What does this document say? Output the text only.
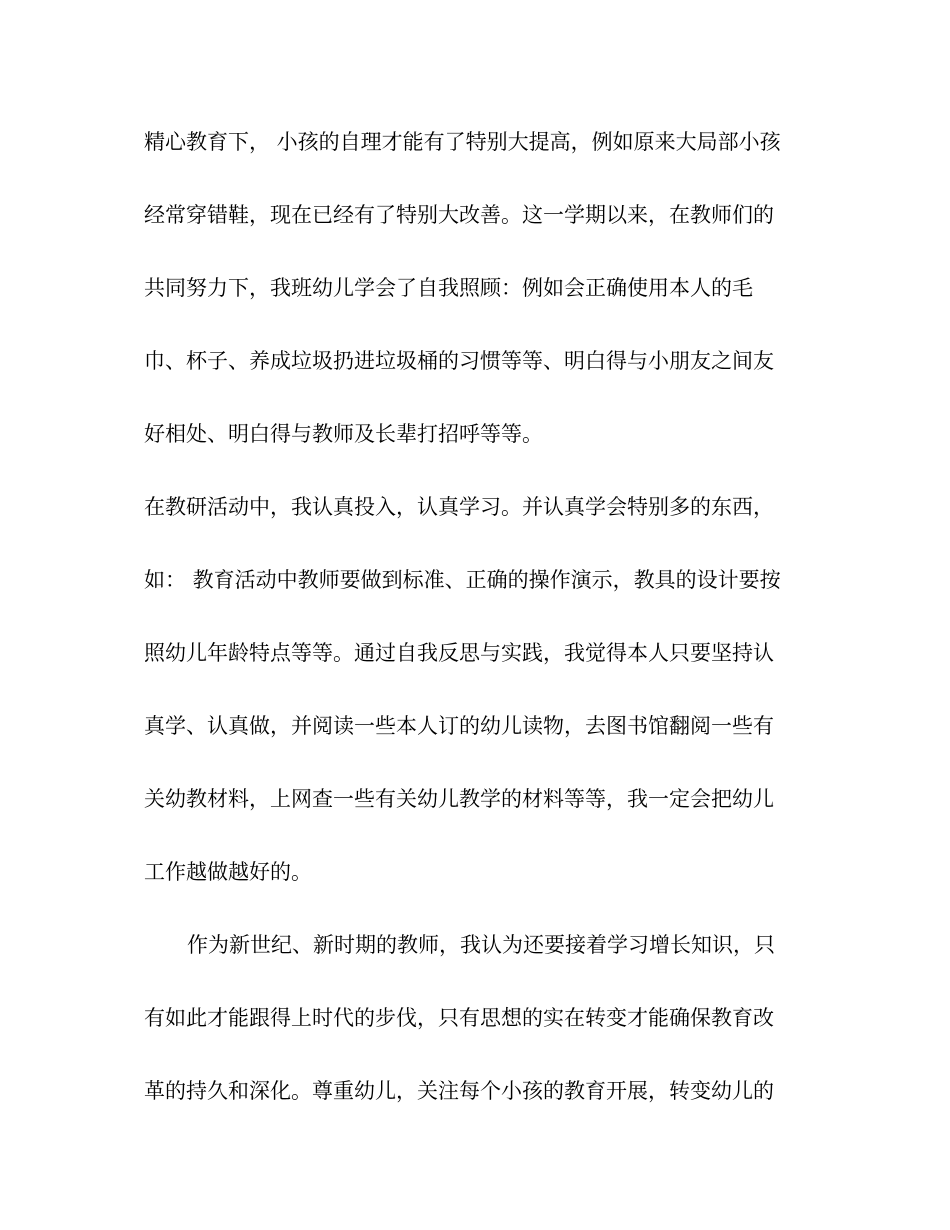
精心教育下， 小孩的自理才能有了特别大提高，例如原来大局部小孩
经常穿错鞋，现在已经有了特别大改善。这一学期以来，在教师们的
共同努力下，我班幼儿学会了自我照顾：例如会正确使用本人的毛
巾、杯子、养成垃圾扔进垃圾桶的习惯等等、明白得与小朋友之间友
好相处、明白得与教师及长辈打招呼等等。
在教研活动中，我认真投入，认真学习。并认真学会特别多的东西，
如： 教育活动中教师要做到标准、正确的操作演示，教具的设计要按
照幼儿年龄特点等等。通过自我反思与实践，我觉得本人只要坚持认
真学、认真做，并阅读一些本人订的幼儿读物，去图书馆翻阅一些有
关幼教材料，上网查一些有关幼儿教学的材料等等，我一定会把幼儿
工作越做越好的。
作为新世纪、新时期的教师，我认为还要接着学习增长知识，只
有如此才能跟得上时代的步伐，只有思想的实在转变才能确保教育改
革的持久和深化。尊重幼儿，关注每个小孩的教育开展，转变幼儿的
